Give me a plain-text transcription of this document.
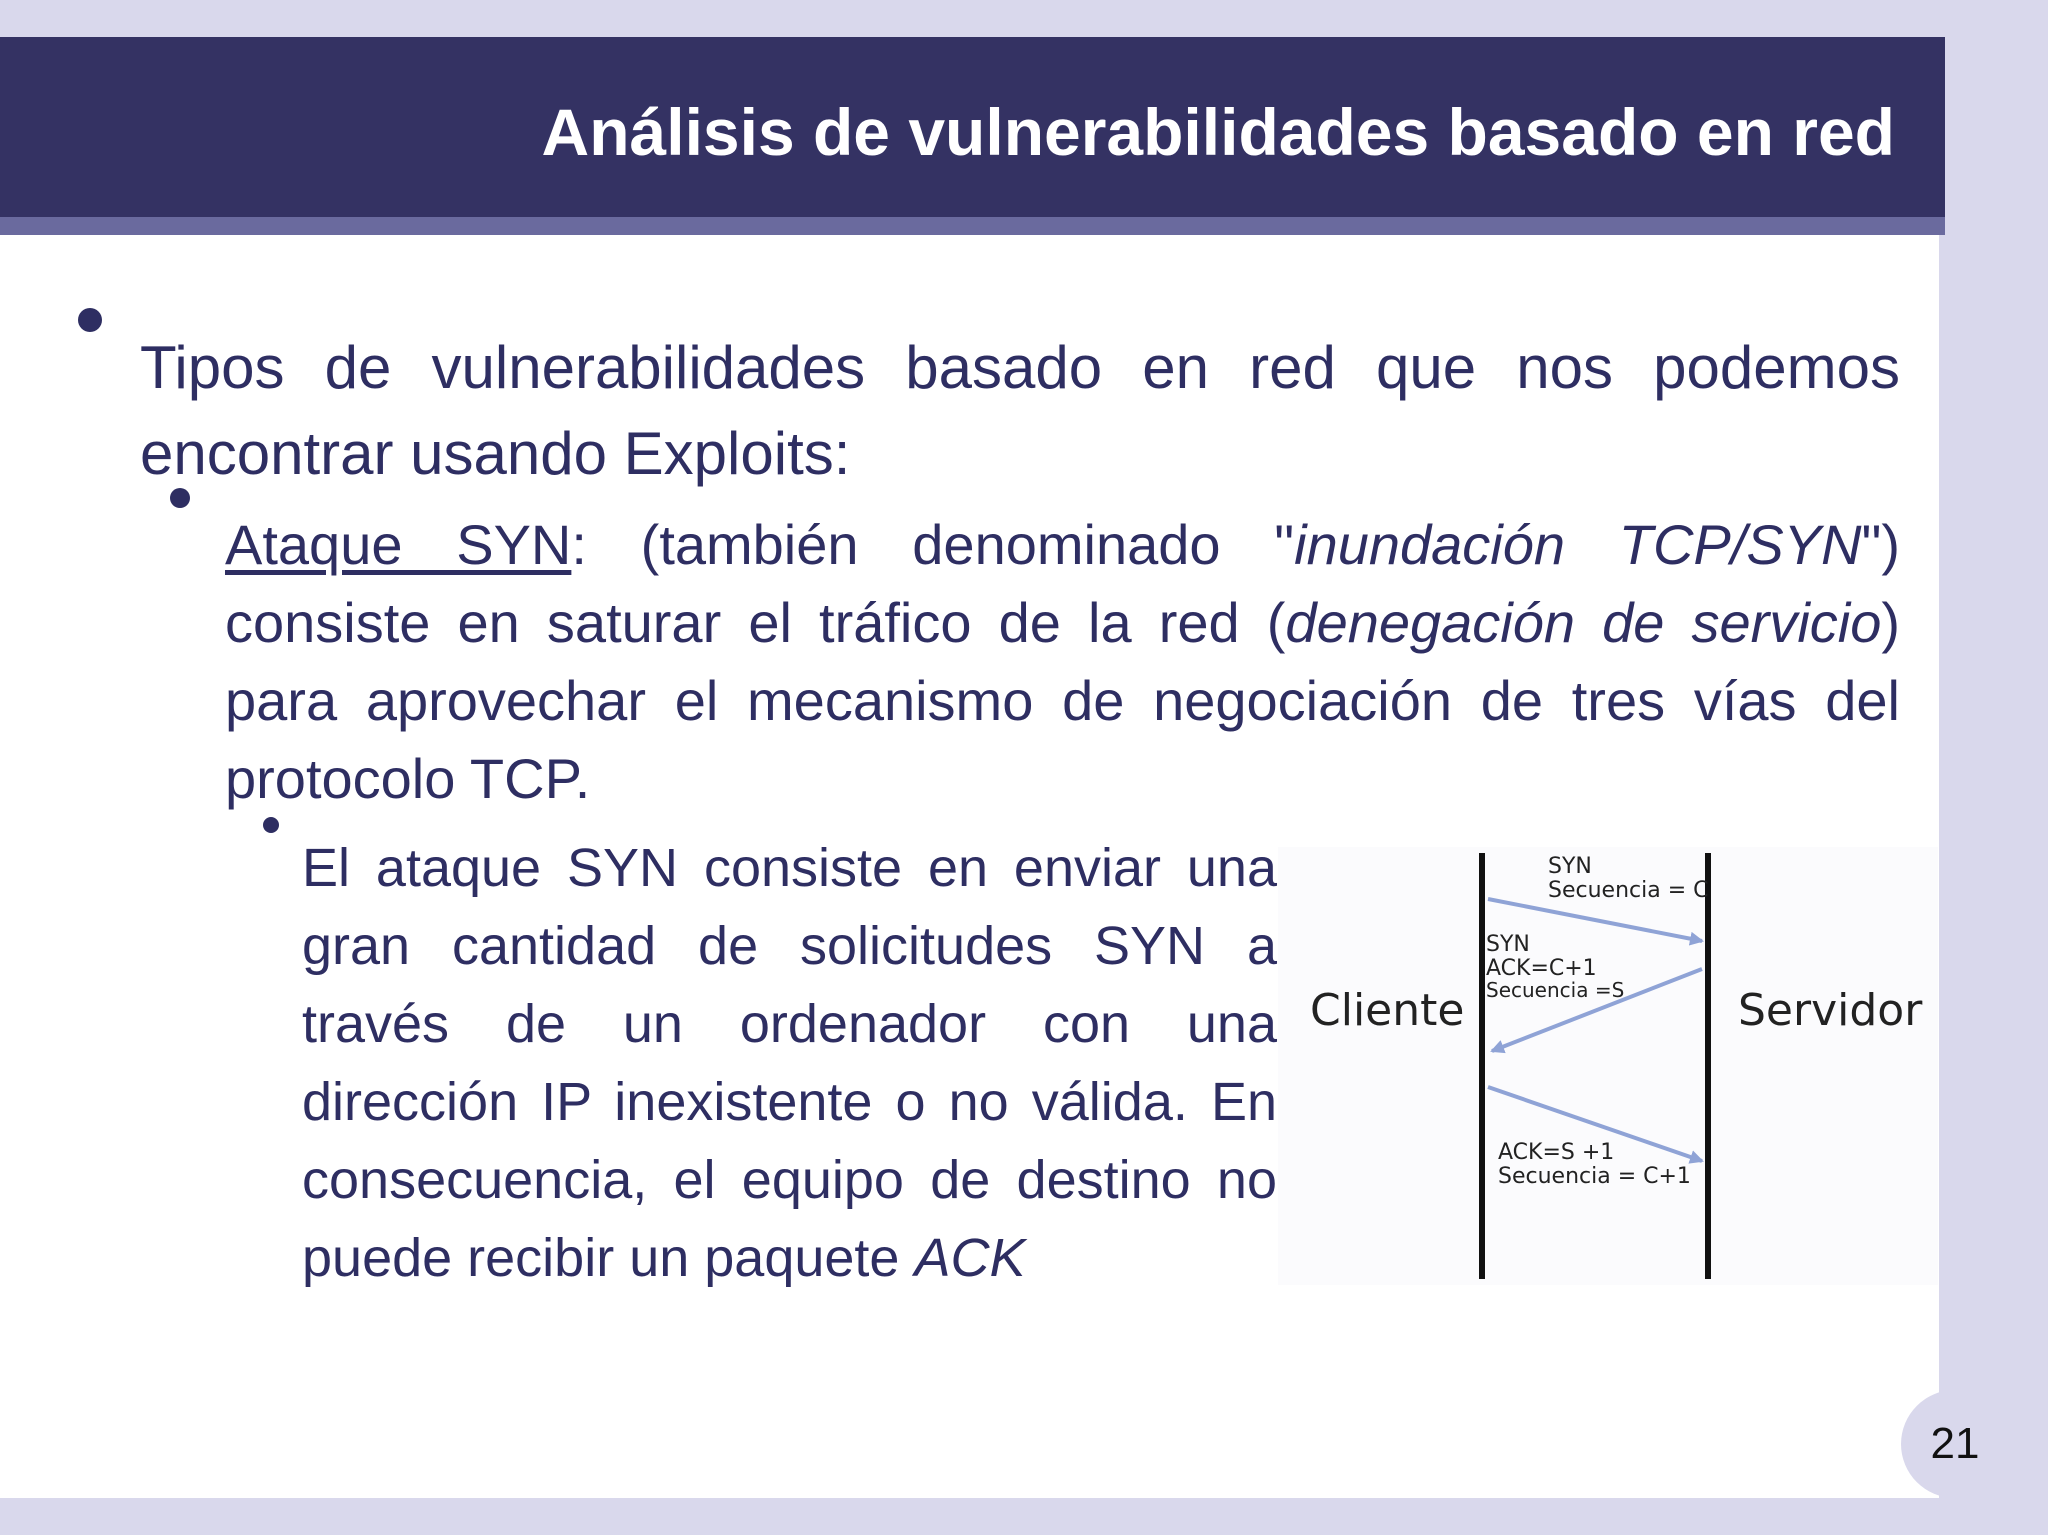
Análisis de vulnerabilidades basado en red
Tipos de vulnerabilidades basado en red que nos podemos encontrar usando Exploits:
Ataque SYN: (también denominado "inundación TCP/SYN") consiste en saturar el tráfico de la red (denegación de servicio) para aprovechar el mecanismo de negociación de tres vías del protocolo TCP.
El ataque SYN consiste en enviar una gran cantidad de solicitudes SYN a través de un ordenador con una dirección IP inexistente o no válida. En consecuencia, el equipo de destino no puede recibir un paquete ACK
Cliente	Servidor
SYN
Secuencia = C
SYN
ACK=C+1
Secuencia =S
ACK=S +1
Secuencia = C+1
21
